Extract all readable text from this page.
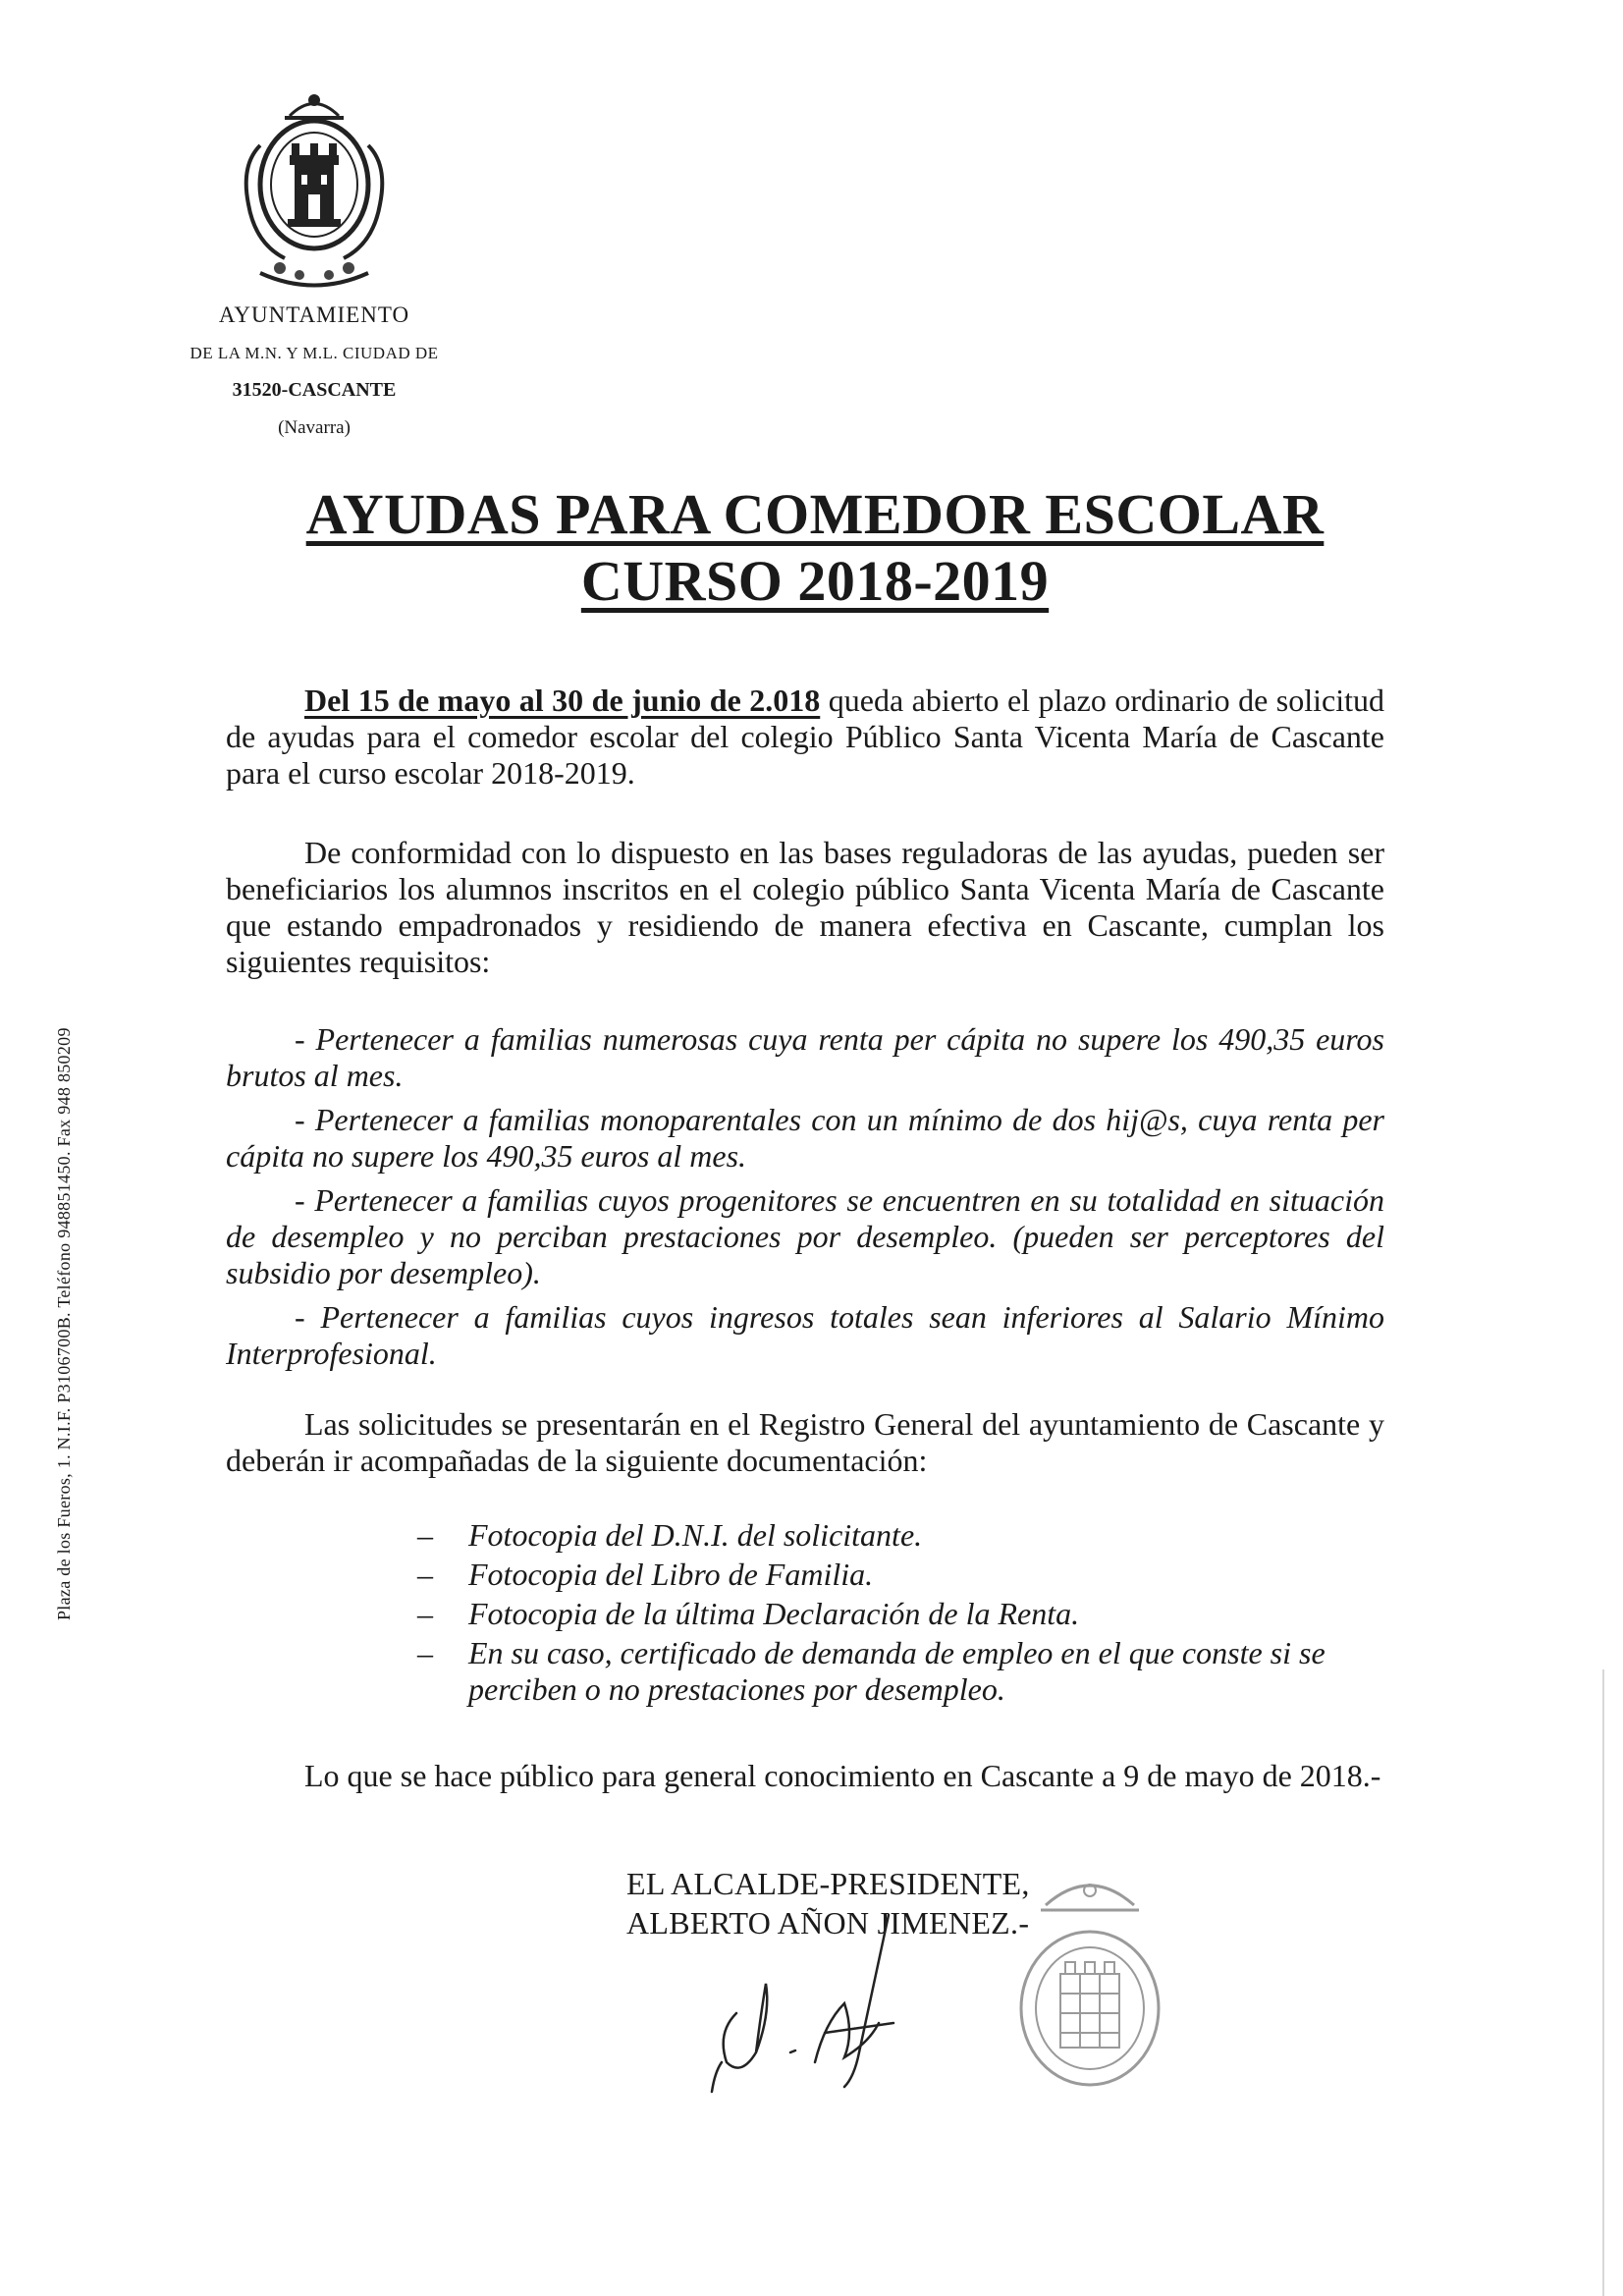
AYUNTAMIENTO
DE LA M.N. Y M.L. CIUDAD DE
31520-CASCANTE
(Navarra)
Plaza de los Fueros, 1. N.I.F. P3106700B. Teléfono 948851450. Fax 948 850209
AYUDAS PARA COMEDOR ESCOLAR
CURSO 2018-2019
Del 15 de mayo al 30 de junio de 2.018 queda abierto el plazo ordinario de solicitud de ayudas para el comedor escolar del colegio Público Santa Vicenta María de Cascante para el curso escolar 2018-2019.
De conformidad con lo dispuesto en las bases reguladoras de las ayudas, pueden ser beneficiarios los alumnos inscritos en el colegio público Santa Vicenta María de Cascante que estando empadronados y residiendo de manera efectiva en Cascante, cumplan los siguientes requisitos:
- Pertenecer a familias numerosas cuya renta per cápita no supere los 490,35 euros brutos al mes.
- Pertenecer a familias monoparentales con un mínimo de dos hij@s, cuya renta per cápita no supere los 490,35 euros al mes.
- Pertenecer a familias cuyos progenitores se encuentren en su totalidad en situación de desempleo y no perciban prestaciones por desempleo. (pueden ser perceptores del subsidio por desempleo).
- Pertenecer a familias cuyos ingresos totales sean inferiores al Salario Mínimo Interprofesional.
Las solicitudes se presentarán en el Registro General del ayuntamiento de Cascante y deberán ir acompañadas de la siguiente documentación:
– Fotocopia del D.N.I. del solicitante.
– Fotocopia del Libro de Familia.
– Fotocopia de la última Declaración de la Renta.
– En su caso, certificado de demanda de empleo en el que conste si se perciben o no prestaciones por desempleo.
Lo que se hace público para general conocimiento en Cascante a 9 de mayo de 2018.-
EL ALCALDE-PRESIDENTE,
ALBERTO AÑON JIMENEZ.-
